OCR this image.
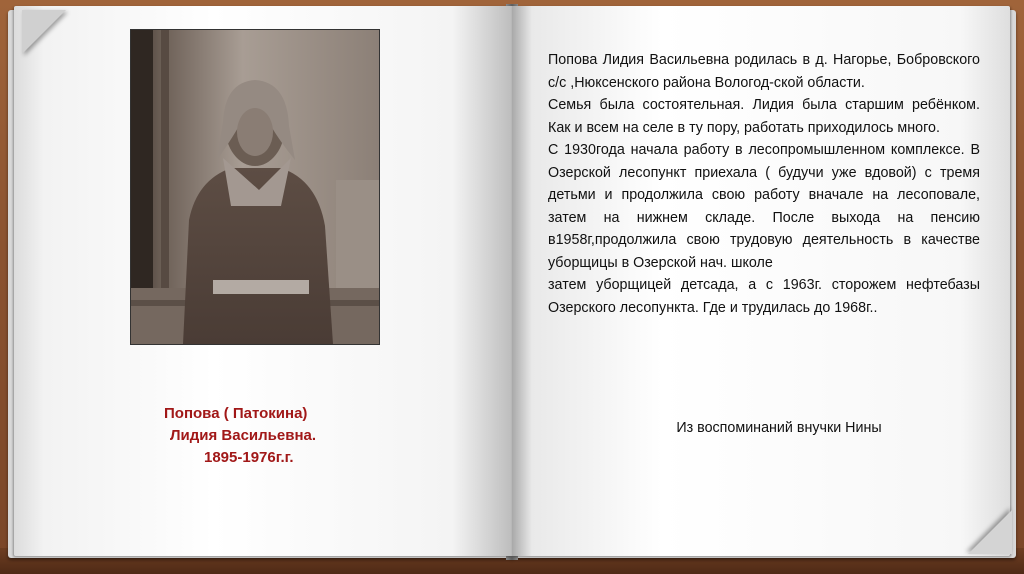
Попова ( Патокина)
Лидия Васильевна.
1895-1976г.г.

Попова Лидия Васильевна родилась в д. Нагорье, Бобровского с/с ,Нюксенского района Вологод-ской области.

Семья была состоятельная. Лидия была старшим ребёнком. Как и всем на селе в ту пору, работать приходилось много.

С 1930года начала работу в лесопромышленном комплексе. В Озерской лесопункт приехала ( будучи уже вдовой) с тремя детьми и продолжила свою работу вначале на лесоповале, затем на нижнем складе. После выхода на пенсию в1958г,продолжила свою трудовую деятельность в качестве уборщицы в Озерской нач. школе

затем уборщицей детсада, а с 1963г. сторожем нефтебазы Озерского лесопункта. Где и трудилась до 1968г..

Из воспоминаний внучки Нины
